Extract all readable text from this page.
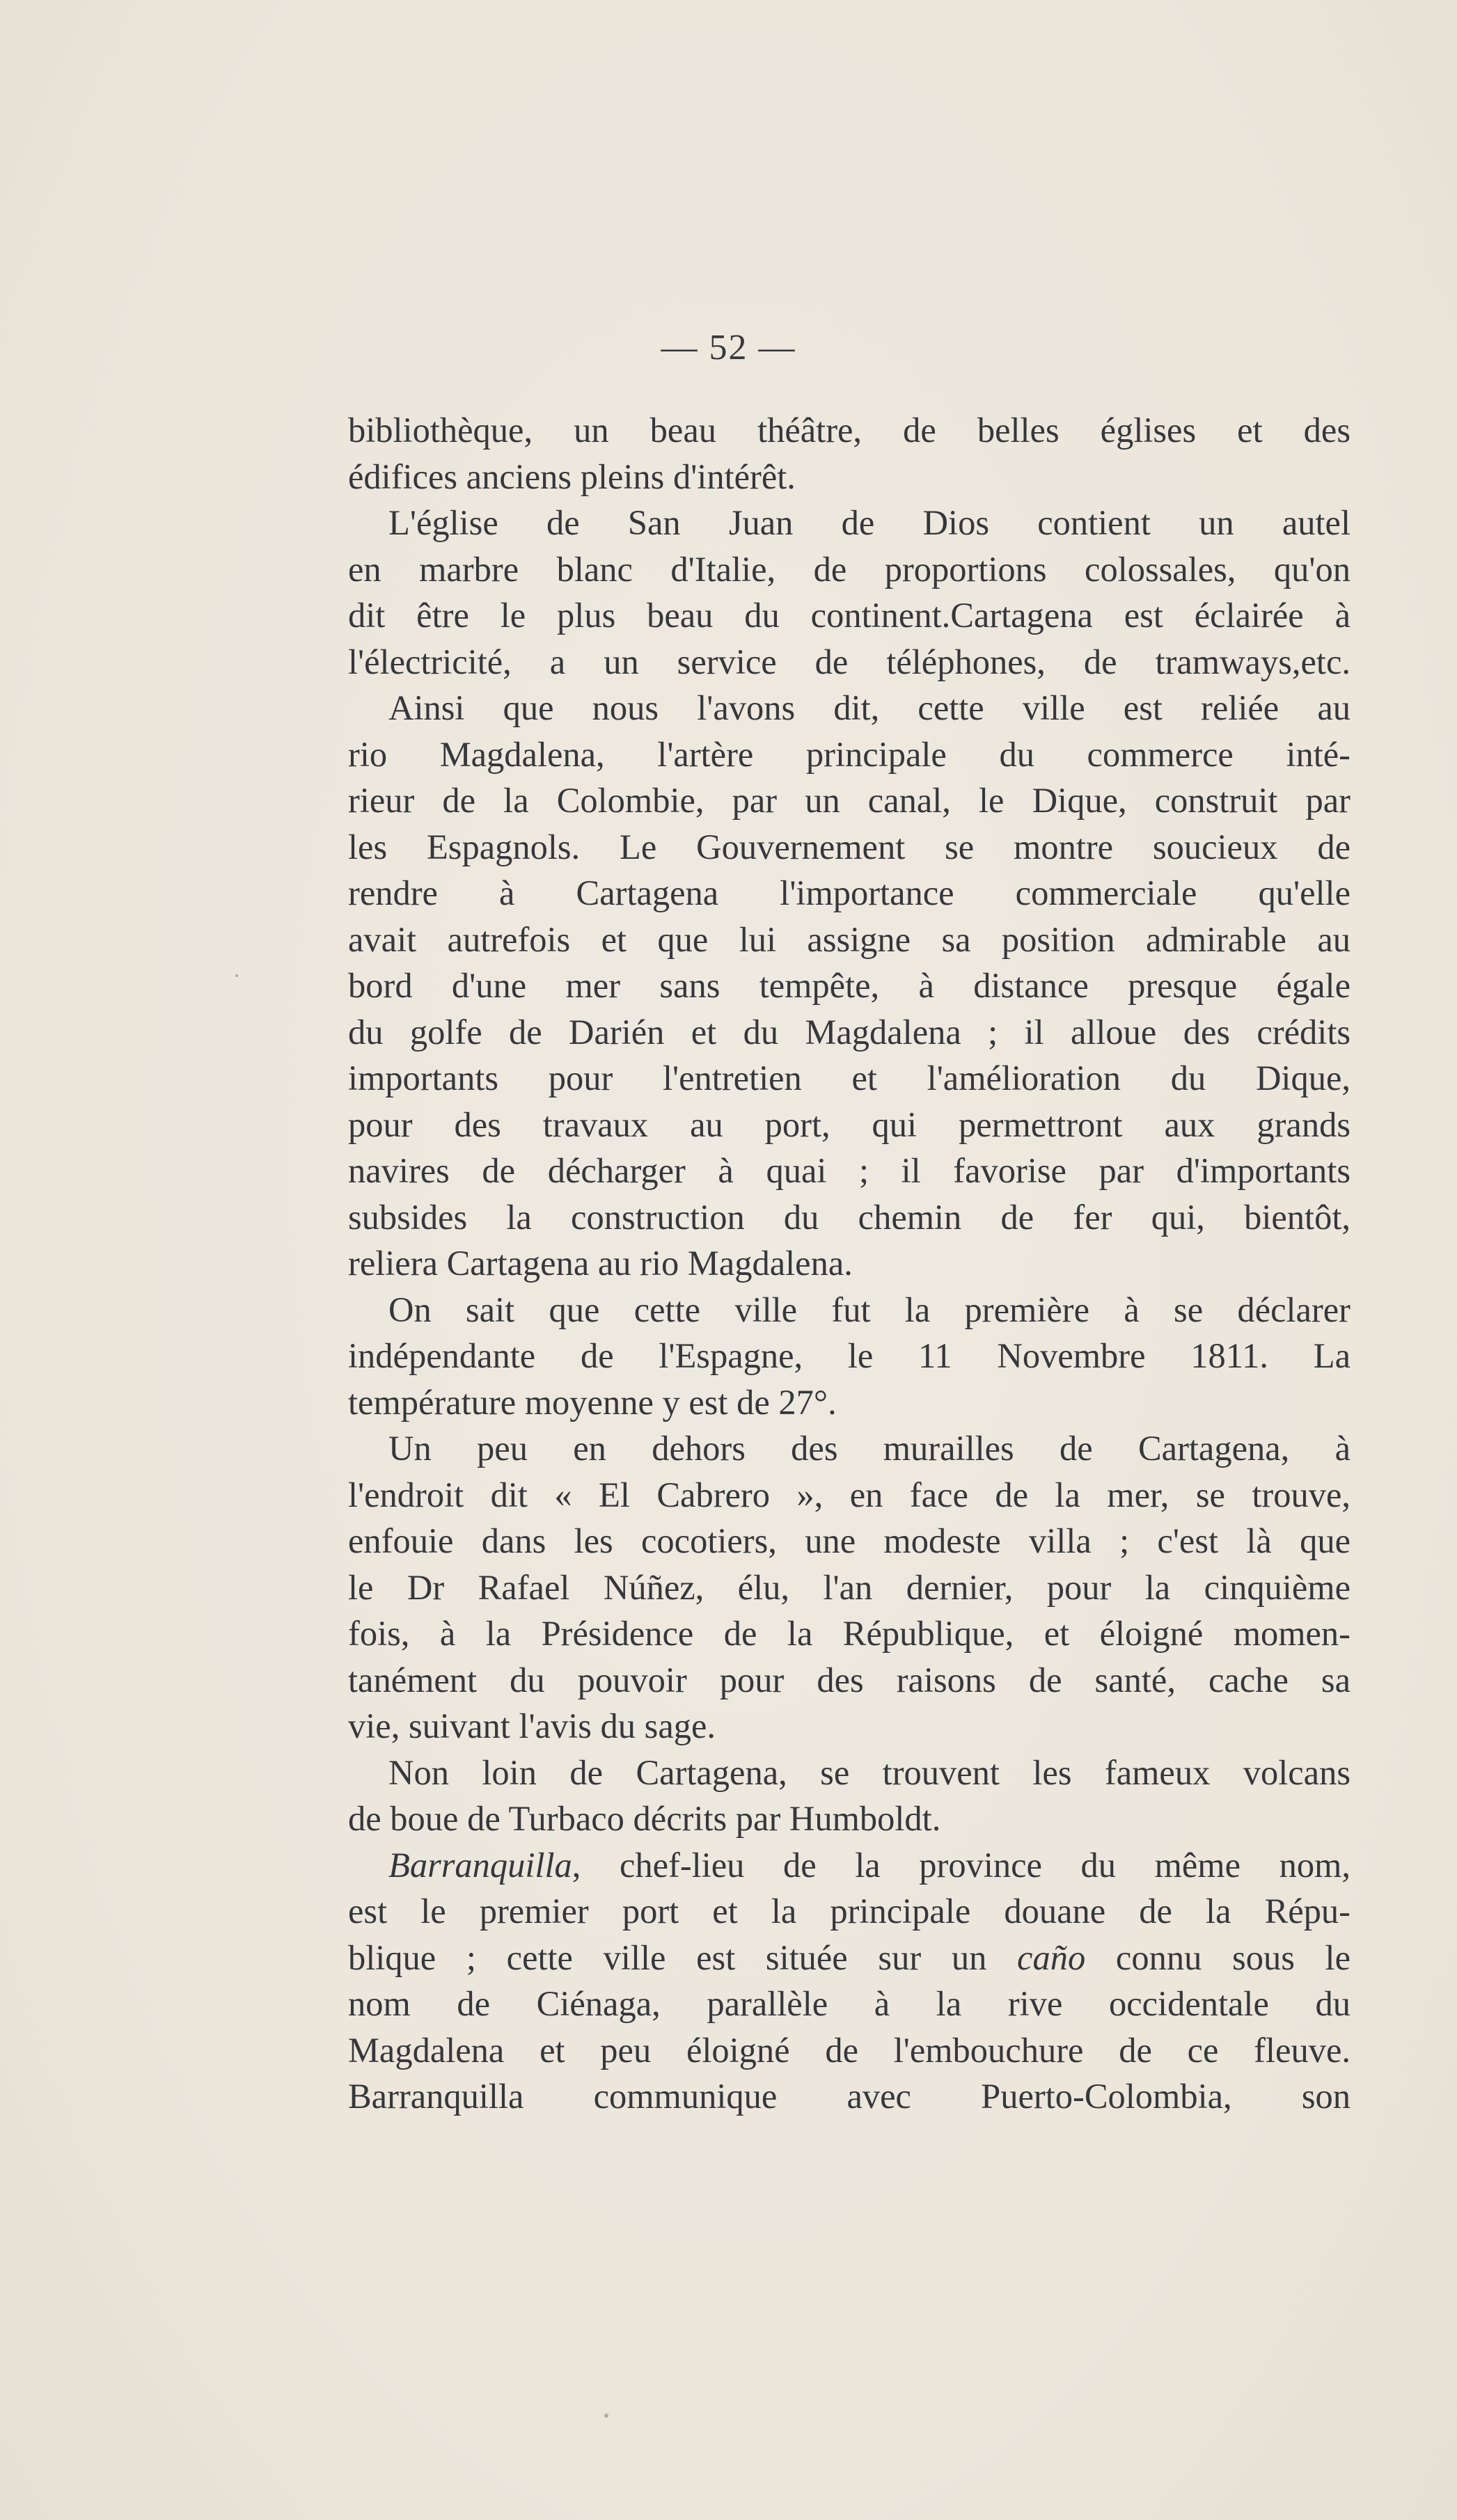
— 52 —

bibliothèque, un beau théâtre, de belles églises et des
édifices anciens pleins d'intérêt.

L'église de San Juan de Dios contient un autel
en marbre blanc d'Italie, de proportions colossales, qu'on
dit être le plus beau du continent.Cartagena est éclairée à
l'électricité, a un service de téléphones, de tramways,etc.

Ainsi que nous l'avons dit, cette ville est reliée au
rio Magdalena, l'artère principale du commerce inté-
rieur de la Colombie, par un canal, le Dique, construit par
les Espagnols. Le Gouvernement se montre soucieux de
rendre à Cartagena l'importance commerciale qu'elle
avait autrefois et que lui assigne sa position admirable au
bord d'une mer sans tempête, à distance presque égale
du golfe de Darién et du Magdalena ; il alloue des crédits
importants pour l'entretien et l'amélioration du Dique,
pour des travaux au port, qui permettront aux grands
navires de décharger à quai ; il favorise par d'importants
subsides la construction du chemin de fer qui, bientôt,
reliera Cartagena au rio Magdalena.

On sait que cette ville fut la première à se déclarer
indépendante de l'Espagne, le 11 Novembre 1811. La
température moyenne y est de 27°.

Un peu en dehors des murailles de Cartagena, à
l'endroit dit « El Cabrero », en face de la mer, se trouve,
enfouie dans les cocotiers, une modeste villa ; c'est là que
le Dr Rafael Núñez, élu, l'an dernier, pour la cinquième
fois, à la Présidence de la République, et éloigné momen-
tanément du pouvoir pour des raisons de santé, cache sa
vie, suivant l'avis du sage.

Non loin de Cartagena, se trouvent les fameux volcans
de boue de Turbaco décrits par Humboldt.

Barranquilla, chef-lieu de la province du même nom,
est le premier port et la principale douane de la Répu-
blique ; cette ville est située sur un caño connu sous le
nom de Ciénaga, parallèle à la rive occidentale du
Magdalena et peu éloigné de l'embouchure de ce fleuve.
Barranquilla communique avec Puerto-Colombia, son
